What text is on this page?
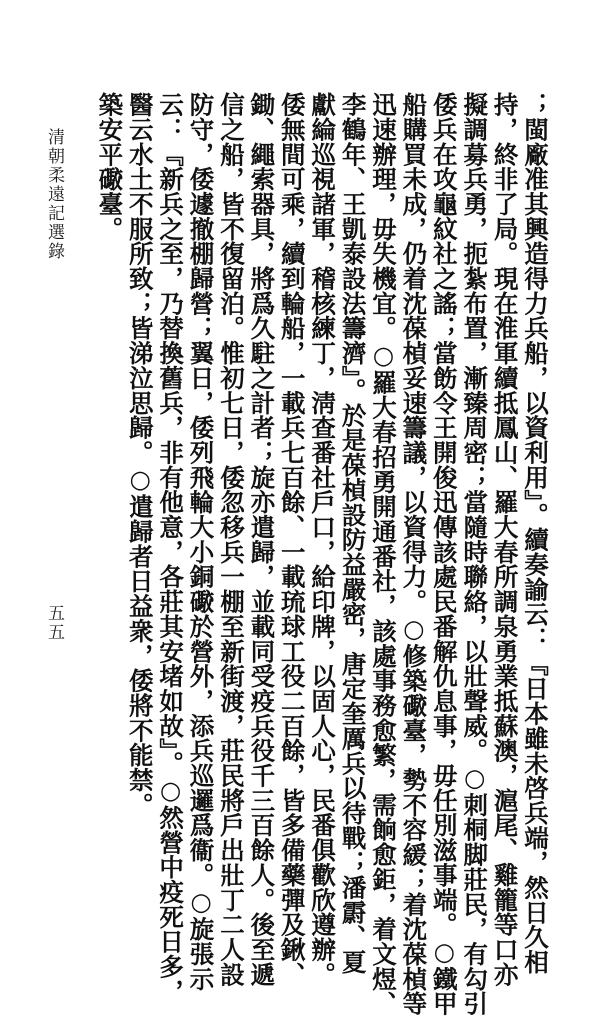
清朝柔遠記選錄
五五	；閩廠准其興造得力兵船，以資利用』。續奏諭云：『日本雖未啓兵端，然日久相

持，終非了局。現在淮軍續抵鳳山、羅大春所調泉勇業抵蘇澳，滬尾、雞籠等口亦

擬調募兵勇，扼紮布置，漸臻周密；當隨時聯絡，以壯聲威。○刺桐脚莊民，有勾引

倭兵在攻龜紋社之謠；當飭令王開俊迅傳該處民番解仇息事，毋任別滋事端。○鐵甲

船購買未成，仍着沈葆楨妥速籌議，以資得力。○修築礮臺，勢不容緩；着沈葆楨等

迅速辦理，毋失機宜。○羅大春招勇開通番社，該處事務愈繁，需餉愈鉅，着文煜、

李鶴年、王凱泰設法籌濟』。於是葆楨設防益嚴密，唐定奎厲兵以待戰；潘霨、夏

獻綸巡視諸軍，稽核練丁，淸查番社戶口，給印牌，以固人心，民番俱歡欣遵辦。

倭無間可乘，續到輪船，一載兵七百餘、一載琉球工役二百餘，皆多備藥彈及鍬、

鋤、繩索器具，將爲久駐之計者；旋亦遣歸，並載同受疫兵役千三百餘人。後至遞

信之船，皆不復留泊。惟初七日，倭忽移兵一棚至新街渡，莊民將戶出壯丁二人設

防守，倭遽撤棚歸營；翼日，倭列飛輪大小銅礮於營外，添兵巡邏爲衞。○旋張示

云：『新兵之至，乃替換舊兵，非有他意，各莊其安堵如故』。○然營中疫死日多，

醫云水土不服所致；皆涕泣思歸。○遣歸者日益衆，倭將不能禁。

築安平礮臺。
